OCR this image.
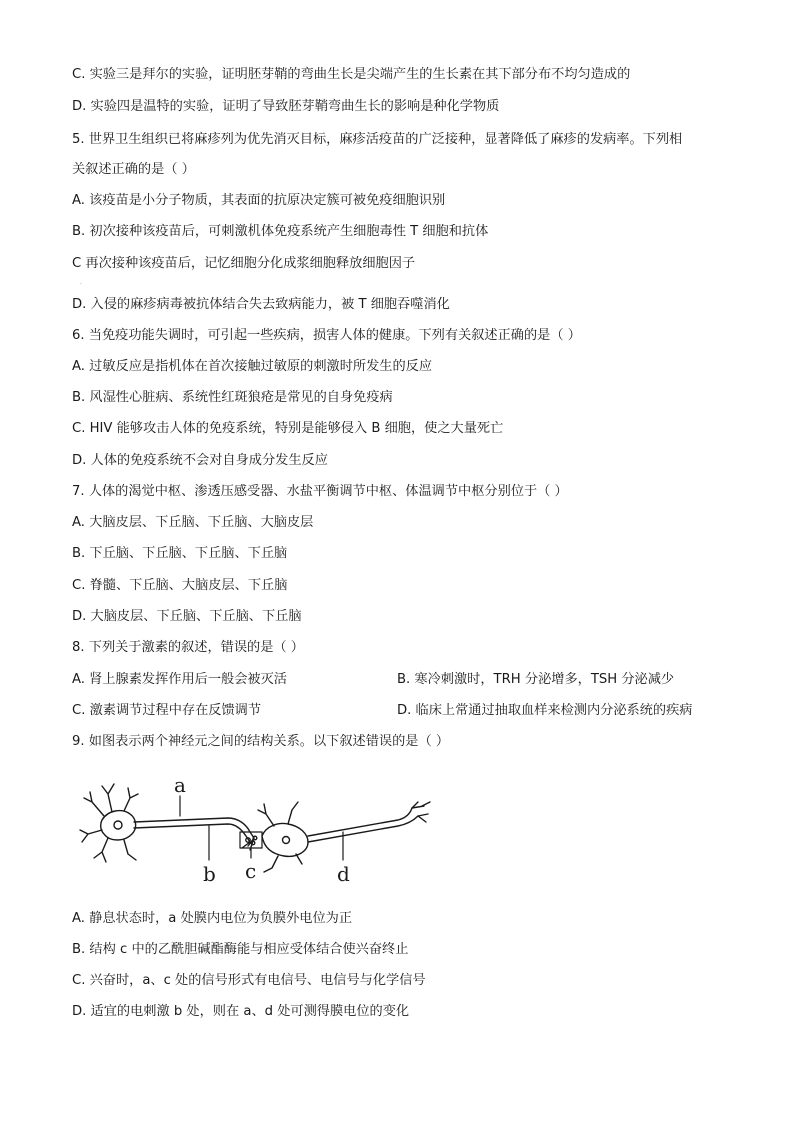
C. 实验三是拜尔的实验，证明胚芽鞘的弯曲生长是尖端产生的生长素在其下部分布不均匀造成的
D. 实验四是温特的实验，证明了导致胚芽鞘弯曲生长的影响是种化学物质
5. 世界卫生组织已将麻疹列为优先消灭目标，麻疹活疫苗的广泛接种，显著降低了麻疹的发病率。下列相
关叙述正确的是（ ）
A. 该疫苗是小分子物质，其表面的抗原决定簇可被免疫细胞识别
B. 初次接种该疫苗后，可刺激机体免疫系统产生细胞毒性 T 细胞和抗体
C 再次接种该疫苗后，记忆细胞分化成浆细胞释放细胞因子
·
D. 入侵的麻疹病毒被抗体结合失去致病能力，被 T 细胞吞噬消化
6. 当免疫功能失调时，可引起一些疾病，损害人体的健康。下列有关叙述正确的是（ ）
A. 过敏反应是指机体在首次接触过敏原的刺激时所发生的反应
B. 风湿性心脏病、系统性红斑狼疮是常见的自身免疫病
C. HIV 能够攻击人体的免疫系统，特别是能够侵入 B 细胞，使之大量死亡
D. 人体的免疫系统不会对自身成分发生反应
7. 人体的渴觉中枢、渗透压感受器、水盐平衡调节中枢、体温调节中枢分别位于（ ）
A. 大脑皮层、下丘脑、下丘脑、大脑皮层
B. 下丘脑、下丘脑、下丘脑、下丘脑
C. 脊髓、下丘脑、大脑皮层、下丘脑
D. 大脑皮层、下丘脑、下丘脑、下丘脑
8. 下列关于激素的叙述，错误的是（ ）
A. 肾上腺素发挥作用后一般会被灭活	B. 寒冷刺激时，TRH 分泌增多，TSH 分泌减少
C. 激素调节过程中存在反馈调节	D. 临床上常通过抽取血样来检测内分泌系统的疾病
9. 如图表示两个神经元之间的结构关系。以下叙述错误的是（ ）
a
b c	d
A. 静息状态时，a 处膜内电位为负膜外电位为正
B. 结构 c 中的乙酰胆碱酯酶能与相应受体结合使兴奋终止
C. 兴奋时，a、c 处的信号形式有电信号、电信号与化学信号
D. 适宜的电刺激 b 处，则在 a、d 处可测得膜电位的变化
